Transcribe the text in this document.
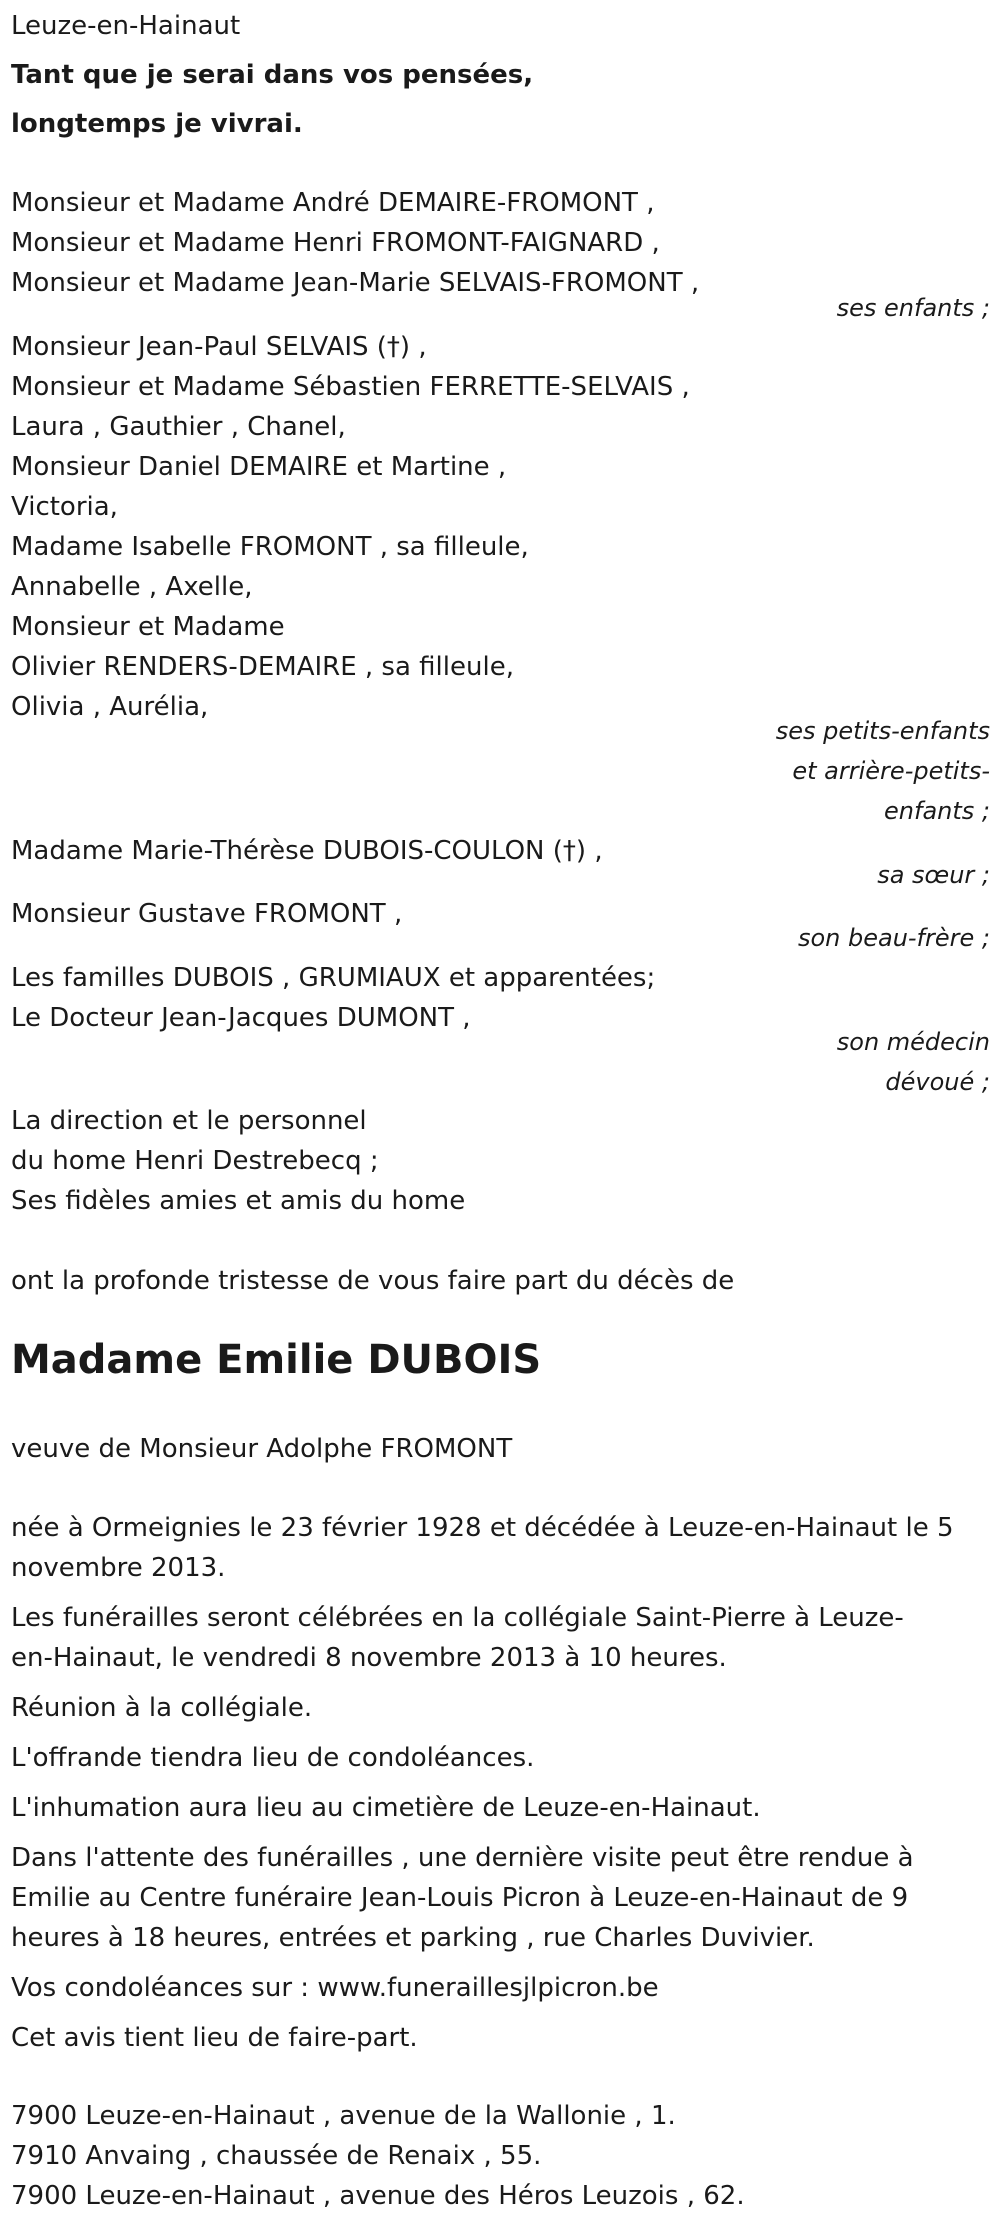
Leuze-en-Hainaut
Tant que je serai dans vos pensées,
longtemps je vivrai.
Monsieur et Madame André DEMAIRE-FROMONT ,
Monsieur et Madame Henri FROMONT-FAIGNARD ,
Monsieur et Madame Jean-Marie SELVAIS-FROMONT ,
ses enfants ;
Monsieur Jean-Paul SELVAIS (†) ,
Monsieur et Madame Sébastien FERRETTE-SELVAIS ,
Laura , Gauthier , Chanel,
Monsieur Daniel DEMAIRE et Martine ,
Victoria,
Madame Isabelle FROMONT , sa filleule,
Annabelle , Axelle,
Monsieur et Madame
Olivier RENDERS-DEMAIRE , sa filleule,
Olivia , Aurélia,
ses petits-enfants
et arrière-petits-
enfants ;
Madame Marie-Thérèse DUBOIS-COULON (†) ,
sa sœur ;
Monsieur Gustave FROMONT ,
son beau-frère ;
Les familles DUBOIS , GRUMIAUX et apparentées;
Le Docteur Jean-Jacques DUMONT ,
son médecin
dévoué ;
La direction et le personnel
du home Henri Destrebecq ;
Ses fidèles amies et amis du home
ont la profonde tristesse de vous faire part du décès de
Madame Emilie DUBOIS
veuve de Monsieur Adolphe FROMONT
née à Ormeignies le 23 février 1928 et décédée à Leuze-en-Hainaut le 5
novembre 2013.
Les funérailles seront célébrées en la collégiale Saint-Pierre à Leuze-
en-Hainaut, le vendredi 8 novembre 2013 à 10 heures.
Réunion à la collégiale.
L'offrande tiendra lieu de condoléances.
L'inhumation aura lieu au cimetière de Leuze-en-Hainaut.
Dans l'attente des funérailles , une dernière visite peut être rendue à
Emilie au Centre funéraire Jean-Louis Picron à Leuze-en-Hainaut de 9
heures à 18 heures, entrées et parking , rue Charles Duvivier.
Vos condoléances sur : www.funeraillesjlpicron.be
Cet avis tient lieu de faire-part.
7900 Leuze-en-Hainaut , avenue de la Wallonie , 1.
7910 Anvaing , chaussée de Renaix , 55.
7900 Leuze-en-Hainaut , avenue des Héros Leuzois , 62.
